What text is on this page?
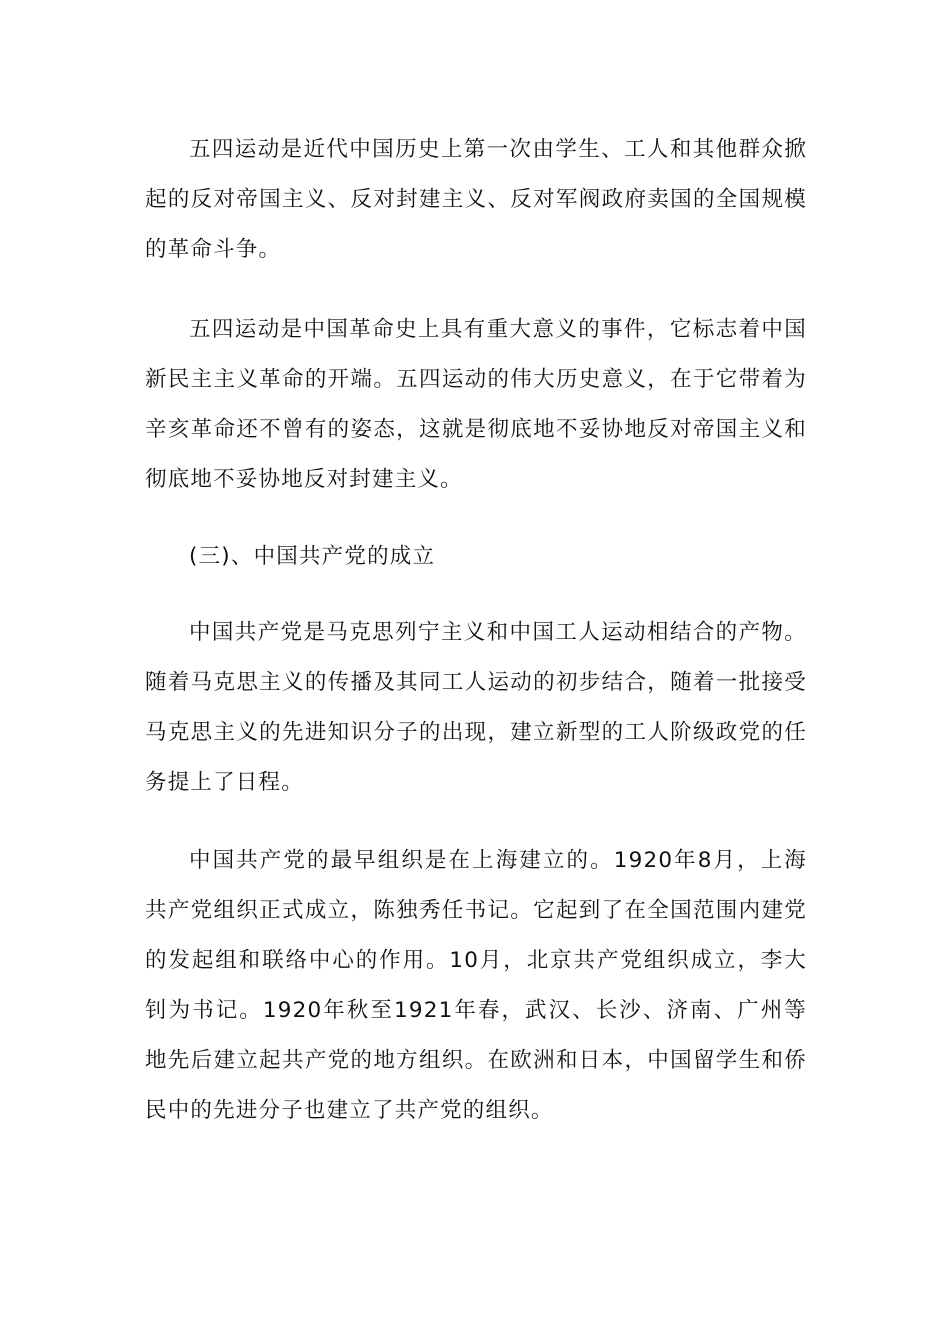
五四运动是近代中国历史上第一次由学生、工人和其他群众掀起的反对帝国主义、反对封建主义、反对军阀政府卖国的全国规模的革命斗争。

五四运动是中国革命史上具有重大意义的事件，它标志着中国新民主主义革命的开端。五四运动的伟大历史意义，在于它带着为辛亥革命还不曾有的姿态，这就是彻底地不妥协地反对帝国主义和彻底地不妥协地反对封建主义。

(三)、中国共产党的成立

中国共产党是马克思列宁主义和中国工人运动相结合的产物。随着马克思主义的传播及其同工人运动的初步结合，随着一批接受马克思主义的先进知识分子的出现，建立新型的工人阶级政党的任务提上了日程。

中国共产党的最早组织是在上海建立的。1920年8月，上海共产党组织正式成立，陈独秀任书记。它起到了在全国范围内建党的发起组和联络中心的作用。10月，北京共产党组织成立，李大钊为书记。1920年秋至1921年春，武汉、长沙、济南、广州等地先后建立起共产党的地方组织。在欧洲和日本，中国留学生和侨民中的先进分子也建立了共产党的组织。
